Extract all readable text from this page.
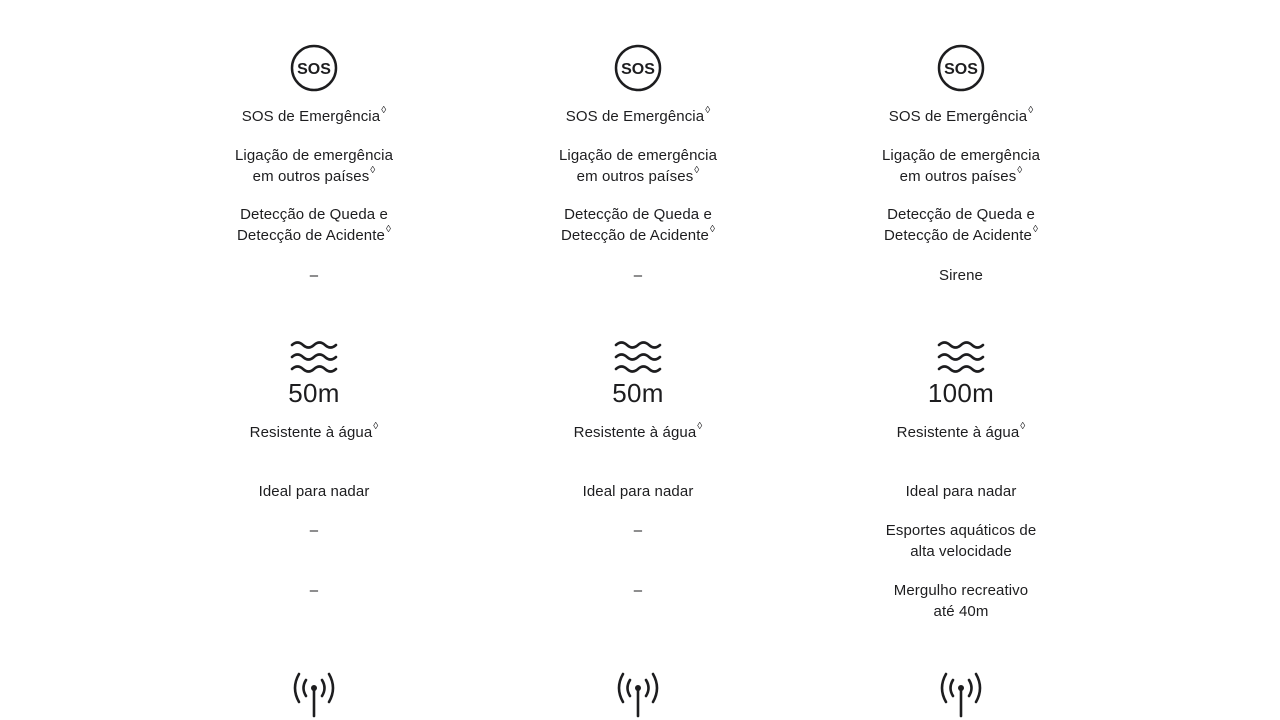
SOS
SOS de Emergência◊
Ligação de emergência
em outros países◊
Detecção de Queda e
Detecção de Acidente◊
–
50m
Resistente à água◊
Ideal para nadar
–

–

SOS
SOS de Emergência◊
Ligação de emergência
em outros países◊
Detecção de Queda e
Detecção de Acidente◊
–
50m
Resistente à água◊
Ideal para nadar
–

–

SOS
SOS de Emergência◊
Ligação de emergência
em outros países◊
Detecção de Queda e
Detecção de Acidente◊
Sirene
100m
Resistente à água◊
Ideal para nadar
Esportes aquáticos de
alta velocidade
Mergulho recreativo
até 40m
